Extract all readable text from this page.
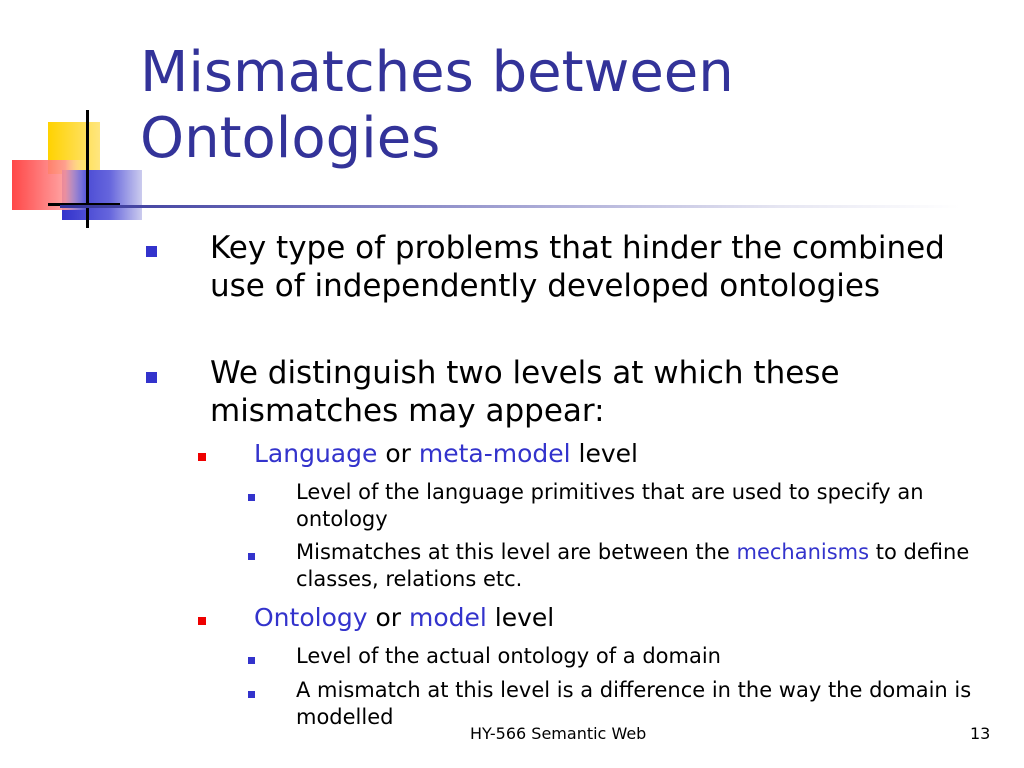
Mismatches between
Ontologies
Key type of problems that hinder the combined use of independently developed ontologies
We distinguish two levels at which these mismatches may appear:
Language or meta-model level
Level of the language primitives that are used to specify an ontology
Mismatches at this level are between the mechanisms to define classes, relations etc.
Ontology or model level
Level of the actual ontology of a domain
A mismatch at this level is a difference in the way the domain is modelled
HY-566 Semantic Web	13
